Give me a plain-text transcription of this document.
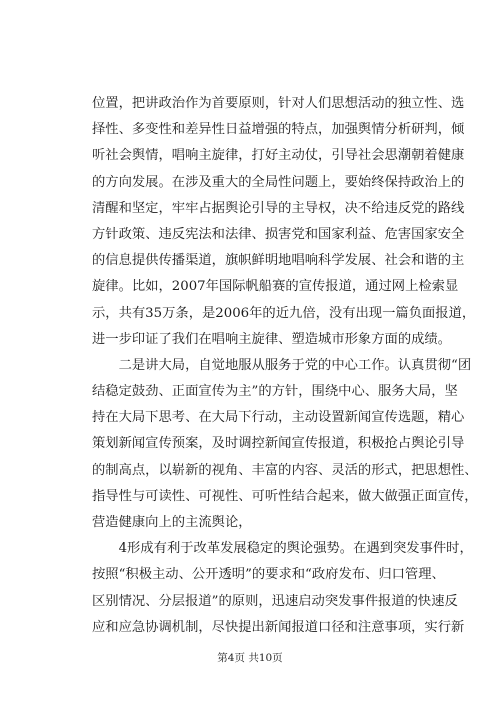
位置，把讲政治作为首要原则，针对人们思想活动的独立性、选
择性、多变性和差异性日益增强的特点，加强舆情分析研判，倾
听社会舆情，唱响主旋律，打好主动仗，引导社会思潮朝着健康
的方向发展。在涉及重大的全局性问题上，要始终保持政治上的
清醒和坚定，牢牢占据舆论引导的主导权，决不给违反党的路线
方针政策、违反宪法和法律、损害党和国家利益、危害国家安全
的信息提供传播渠道，旗帜鲜明地唱响科学发展、社会和谐的主
旋律。比如，2007年国际帆船赛的宣传报道，通过网上检索显
示，共有35万条，是2006年的近九倍，没有出现一篇负面报道，
进一步印证了我们在唱响主旋律、塑造城市形象方面的成绩。
　　二是讲大局，自觉地服从服务于党的中心工作。认真贯彻“团
结稳定鼓劲、正面宣传为主”的方针，围绕中心、服务大局，坚
持在大局下思考、在大局下行动，主动设置新闻宣传选题，精心
策划新闻宣传预案，及时调控新闻宣传报道，积极抢占舆论引导
的制高点，以崭新的视角、丰富的内容、灵活的形式，把思想性、
指导性与可读性、可视性、可听性结合起来，做大做强正面宣传，
营造健康向上的主流舆论，
　　4形成有利于改革发展稳定的舆论强势。在遇到突发事件时，
按照“积极主动、公开透明”的要求和“政府发布、归口管理、
区别情况、分层报道”的原则，迅速启动突发事件报道的快速反
应和应急协调机制，尽快提出新闻报道口径和注意事项，实行新
第4页 共10页
